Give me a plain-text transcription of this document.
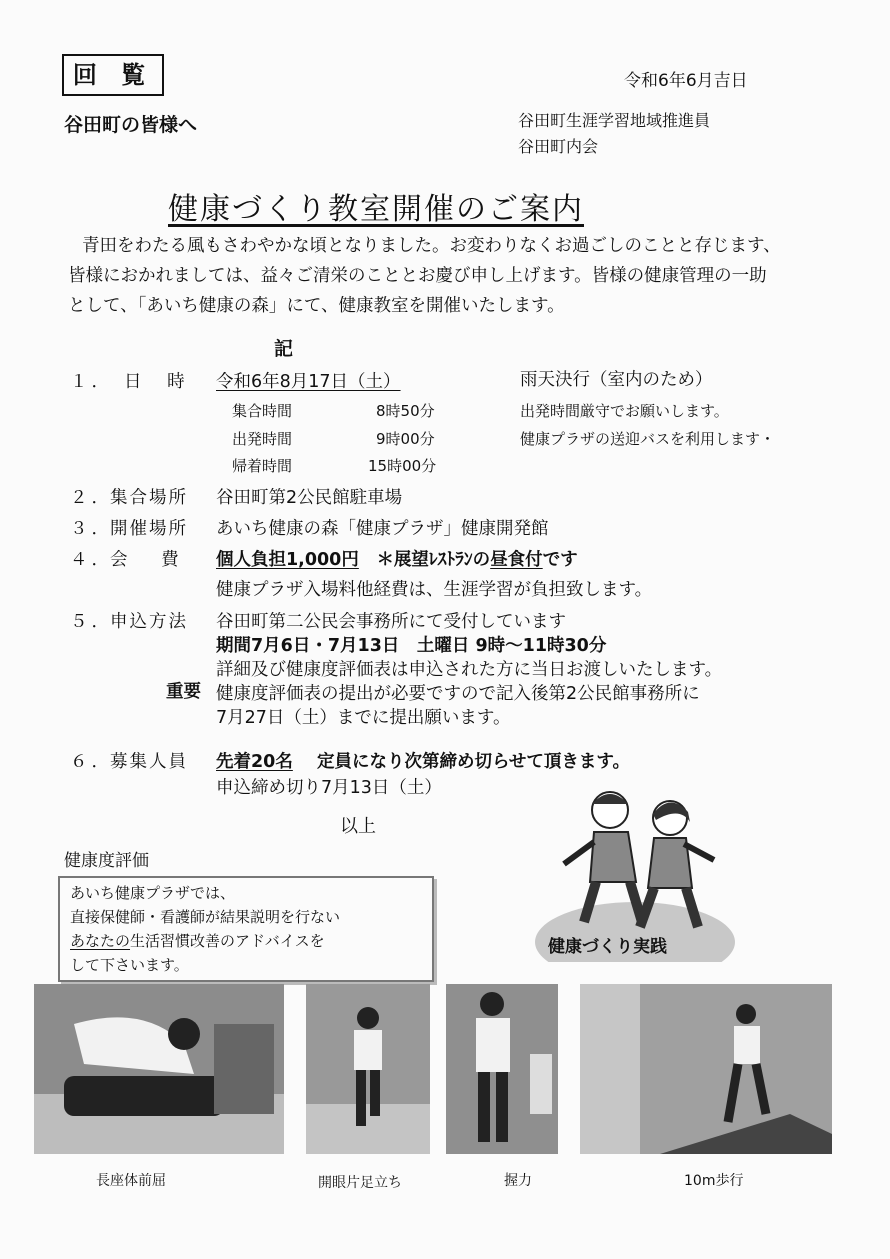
回 覧
谷田町の皆様へ
令和6年6月吉日
谷田町生涯学習地域推進員
谷田町内会
健康づくり教室開催のご案内
青田をわたる風もさわやかな頃となりました。お変わりなくお過ごしのことと存じます、
皆様におかれましては、益々ご清栄のこととお慶び申し上げます。皆様の健康管理の一助
として、「あいち健康の森」にて、健康教室を開催いたします。
記
１． 日 時 令和6年8月17日（土）	雨天決行（室内のため）
集合時間	8時50分
出発時間	9時00分
帰着時間	15時00分
出発時間厳守でお願いします。
健康プラザの送迎バスを利用します・
２．
集合場所 谷田町第2公民館駐車場
３．
開催場所 あいち健康の森「健康プラザ」健康開発館
４．
会 費 個人負担1,000円 ＊展望ﾚｽﾄﾗﾝの昼食付です
健康プラザ入場料他経費は、生涯学習が負担致します。
５．
申込方法 谷田町第二公民会事務所にて受付しています
期間7月6日・7月13日　土曜日 9時～11時30分
詳細及び健康度評価表は申込された方に当日お渡しいたします。
重要 健康度評価表の提出が必要ですので記入後第2公民館事務所に
7月27日（土）までに提出願います。
６．
募集人員 先着20名 定員になり次第締め切らせて頂きます。
申込締め切り7月13日（土）
以上
健康度評価
あいち健康プラザでは、
直接保健師・看護師が結果説明を行ない
あなたの生活習慣改善のアドバイスを
して下さいます。
健康づくり実践
長座体前屈	開眼片足立ち	握力	10m歩行
